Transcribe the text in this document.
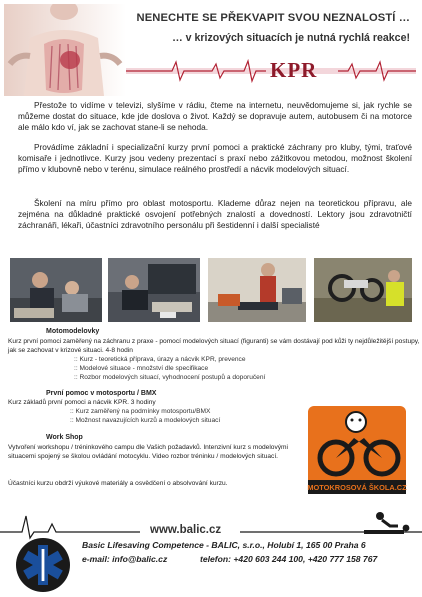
NENECHTE SE PŘEKVAPIT SVOU NEZNALOSTÍ …
… v krizových situacích je nutná rychlá reakce!
KPR

Přestože to vidíme v televizi, slyšíme v rádiu, čteme na internetu, neuvědomujeme si, jak rychle se můžeme dostat do situace, kde jde doslova o život. Každý se dopravuje autem, autobusem či na motorce ale málo kdo ví, jak se zachovat stane-li se nehoda.

Provádíme základní i specializační kurzy první pomoci a praktické záchrany pro kluby, tými, traťové komisaře i jednotlivce. Kurzy jsou vedeny prezentací s praxí nebo zážitkovou metodou, možnost školení přímo v klubovně nebo v terénu, simulace reálného prostředí a nácvik modelových situací.

Školení na míru přímo pro oblast motosportu. Klademe důraz nejen na teoretickou přípravu, ale zejména na důkladné praktické osvojení potřebných znalostí a dovedností. Lektory jsou zdravotničtí záchranáři, lékaři, účastníci zdravotního personálu při šestidenní i další specialisté

Motomodelovky
Kurz první pomoci zaměřený na záchranu z praxe - pomocí modelových situací (figuranti) se vám dostávají pod kůži ty nejdůležitější postupy, jak se zachovat v krizové situaci. 4-8 hodin
:: Kurz - teoretická příprava, úrazy a nácvik KPR, prevence
:: Modelové situace - množství dle specifikace
:: Rozbor modelových situací, vyhodnocení postupů a doporučení
První pomoc v motosportu / BMX
Kurz základů první pomoci a nácvik KPR. 3 hodiny
:: Kurz zaměřený na podmínky motosportu/BMX
:: Možnost navazujících kurzů a modelových situací
Work Shop
Vytvoření workshopu / tréninkového campu dle Vašich požadavků. Intenzivní kurz s modelovými situacemi spojený se školou ovládání motocyklu. Video rozbor tréninku / modelových situací.
Účastníci kurzu obdrží výukové materiály a osvědčení o absolvování kurzu.	MOTOKROSOVÁ ŠKOLA.CZ
www.balic.cz
Basic Lifesaving Competence - BALIC, s.r.o., Holubí 1, 165 00 Praha 6
e-mail: info@balic.cz	telefon: +420 603 244 100, +420 777 158 767
